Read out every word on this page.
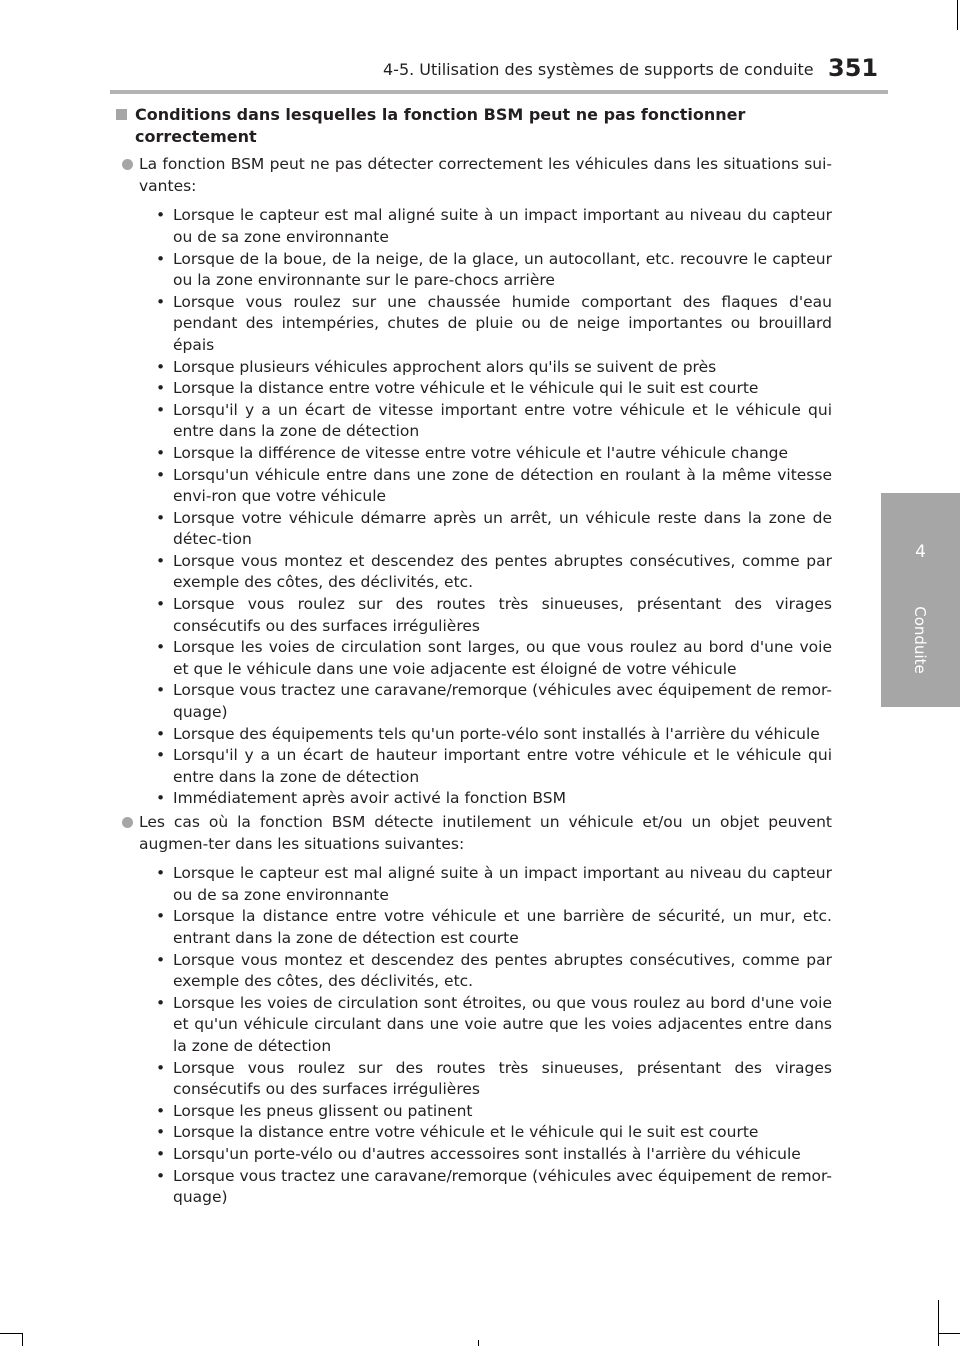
4-5. Utilisation des systèmes de supports de conduite 351
4
Conduite
Conditions dans lesquelles la fonction BSM peut ne pas fonctionner correctement

La fonction BSM peut ne pas détecter correctement les véhicules dans les situations sui-vantes:

• Lorsque le capteur est mal aligné suite à un impact important au niveau du capteur ou de sa zone environnante
• Lorsque de la boue, de la neige, de la glace, un autocollant, etc. recouvre le capteur ou la zone environnante sur le pare-chocs arrière
• Lorsque vous roulez sur une chaussée humide comportant des flaques d'eau pendant des intempéries, chutes de pluie ou de neige importantes ou brouillard épais
• Lorsque plusieurs véhicules approchent alors qu'ils se suivent de près
• Lorsque la distance entre votre véhicule et le véhicule qui le suit est courte
• Lorsqu'il y a un écart de vitesse important entre votre véhicule et le véhicule qui entre dans la zone de détection
• Lorsque la différence de vitesse entre votre véhicule et l'autre véhicule change
• Lorsqu'un véhicule entre dans une zone de détection en roulant à la même vitesse envi-ron que votre véhicule
• Lorsque votre véhicule démarre après un arrêt, un véhicule reste dans la zone de détec-tion
• Lorsque vous montez et descendez des pentes abruptes consécutives, comme par exemple des côtes, des déclivités, etc.
• Lorsque vous roulez sur des routes très sinueuses, présentant des virages consécutifs ou des surfaces irrégulières
• Lorsque les voies de circulation sont larges, ou que vous roulez au bord d'une voie et que le véhicule dans une voie adjacente est éloigné de votre véhicule
• Lorsque vous tractez une caravane/remorque (véhicules avec équipement de remor-quage)
• Lorsque des équipements tels qu'un porte-vélo sont installés à l'arrière du véhicule
• Lorsqu'il y a un écart de hauteur important entre votre véhicule et le véhicule qui entre dans la zone de détection
• Immédiatement après avoir activé la fonction BSM

Les cas où la fonction BSM détecte inutilement un véhicule et/ou un objet peuvent augmen-ter dans les situations suivantes:

• Lorsque le capteur est mal aligné suite à un impact important au niveau du capteur ou de sa zone environnante
• Lorsque la distance entre votre véhicule et une barrière de sécurité, un mur, etc. entrant dans la zone de détection est courte
• Lorsque vous montez et descendez des pentes abruptes consécutives, comme par exemple des côtes, des déclivités, etc.
• Lorsque les voies de circulation sont étroites, ou que vous roulez au bord d'une voie et qu'un véhicule circulant dans une voie autre que les voies adjacentes entre dans la zone de détection
• Lorsque vous roulez sur des routes très sinueuses, présentant des virages consécutifs ou des surfaces irrégulières
• Lorsque les pneus glissent ou patinent
• Lorsque la distance entre votre véhicule et le véhicule qui le suit est courte
• Lorsqu'un porte-vélo ou d'autres accessoires sont installés à l'arrière du véhicule
• Lorsque vous tractez une caravane/remorque (véhicules avec équipement de remor-quage)
